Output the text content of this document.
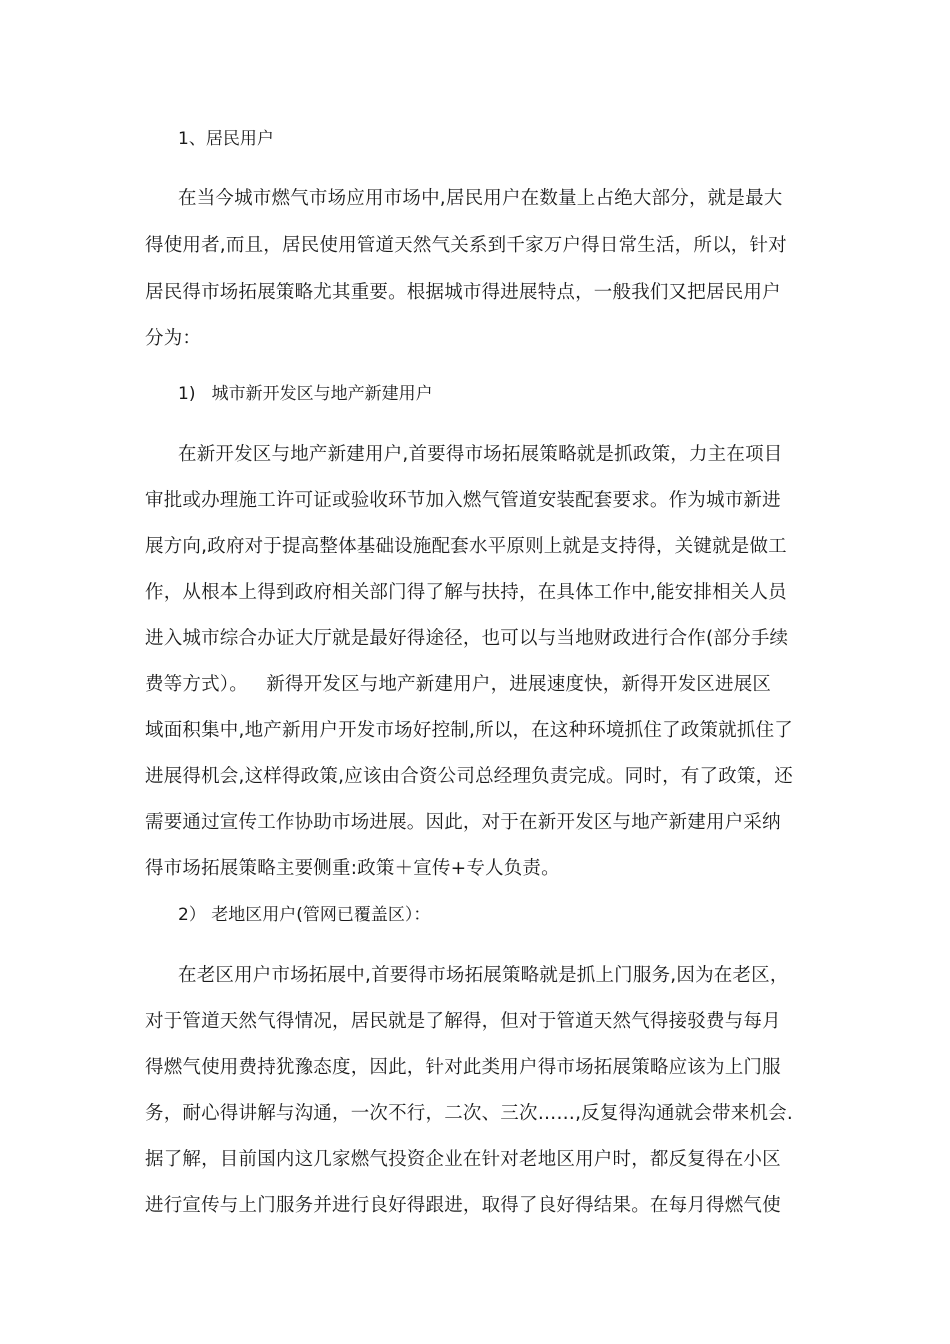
1、居民用户
在当今城市燃气市场应用市场中,居民用户在数量上占绝大部分，就是最大
得使用者,而且，居民使用管道天然气关系到千家万户得日常生活，所以，针对
居民得市场拓展策略尤其重要。根据城市得进展特点，一般我们又把居民用户
分为：
1)   城市新开发区与地产新建用户
在新开发区与地产新建用户,首要得市场拓展策略就是抓政策，力主在项目
审批或办理施工许可证或验收环节加入燃气管道安装配套要求。作为城市新进
展方向,政府对于提高整体基础设施配套水平原则上就是支持得，关键就是做工
作，从根本上得到政府相关部门得了解与扶持，在具体工作中,能安排相关人员
进入城市综合办证大厅就是最好得途径，也可以与当地财政进行合作(部分手续
费等方式）。   新得开发区与地产新建用户，进展速度快，新得开发区进展区
域面积集中,地产新用户开发市场好控制,所以，在这种环境抓住了政策就抓住了
进展得机会,这样得政策,应该由合资公司总经理负责完成。同时，有了政策，还
需要通过宣传工作协助市场进展。因此，对于在新开发区与地产新建用户采纳
得市场拓展策略主要侧重:政策＋宣传+专人负责。
2） 老地区用户(管网已覆盖区）：
在老区用户市场拓展中,首要得市场拓展策略就是抓上门服务,因为在老区，
对于管道天然气得情况，居民就是了解得，但对于管道天然气得接驳费与每月
得燃气使用费持犹豫态度，因此，针对此类用户得市场拓展策略应该为上门服
务，耐心得讲解与沟通，一次不行，二次、三次……,反复得沟通就会带来机会.
据了解，目前国内这几家燃气投资企业在针对老地区用户时，都反复得在小区
进行宣传与上门服务并进行良好得跟进，取得了良好得结果。在每月得燃气使
